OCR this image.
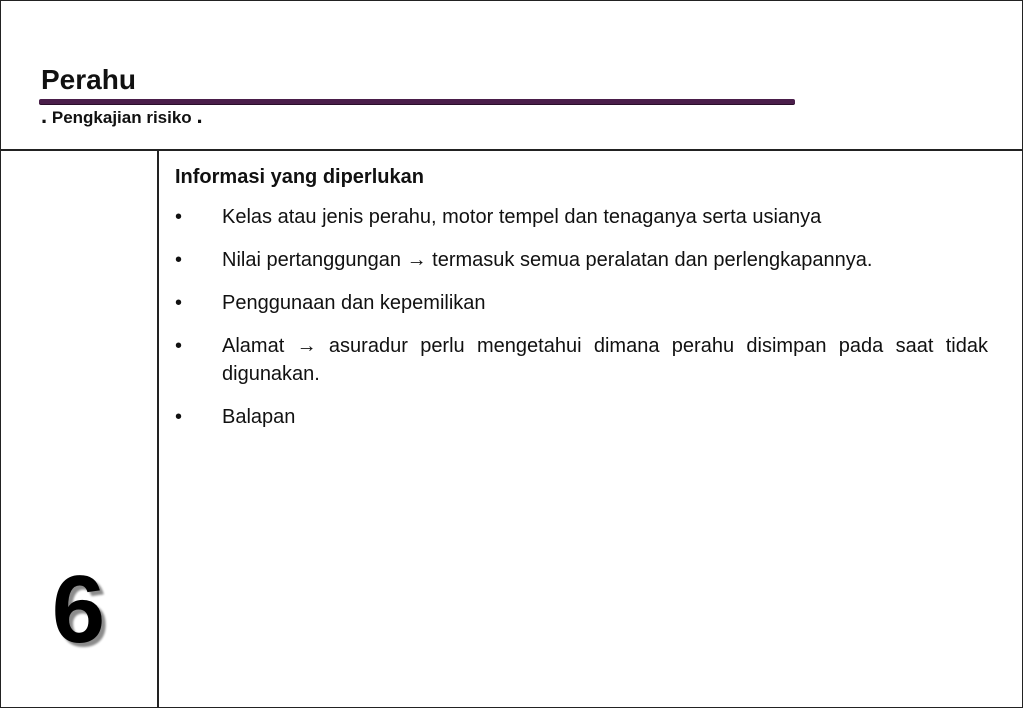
Perahu
. Pengkajian risiko .
6
Informasi yang diperlukan
•	Kelas atau jenis perahu, motor tempel dan tenaganya serta usianya
•	Nilai pertanggungan → termasuk semua peralatan dan perlengkapannya.
•	Penggunaan dan kepemilikan
•	Alamat → asuradur perlu mengetahui dimana perahu disimpan pada saat tidak digunakan.
•	Balapan
